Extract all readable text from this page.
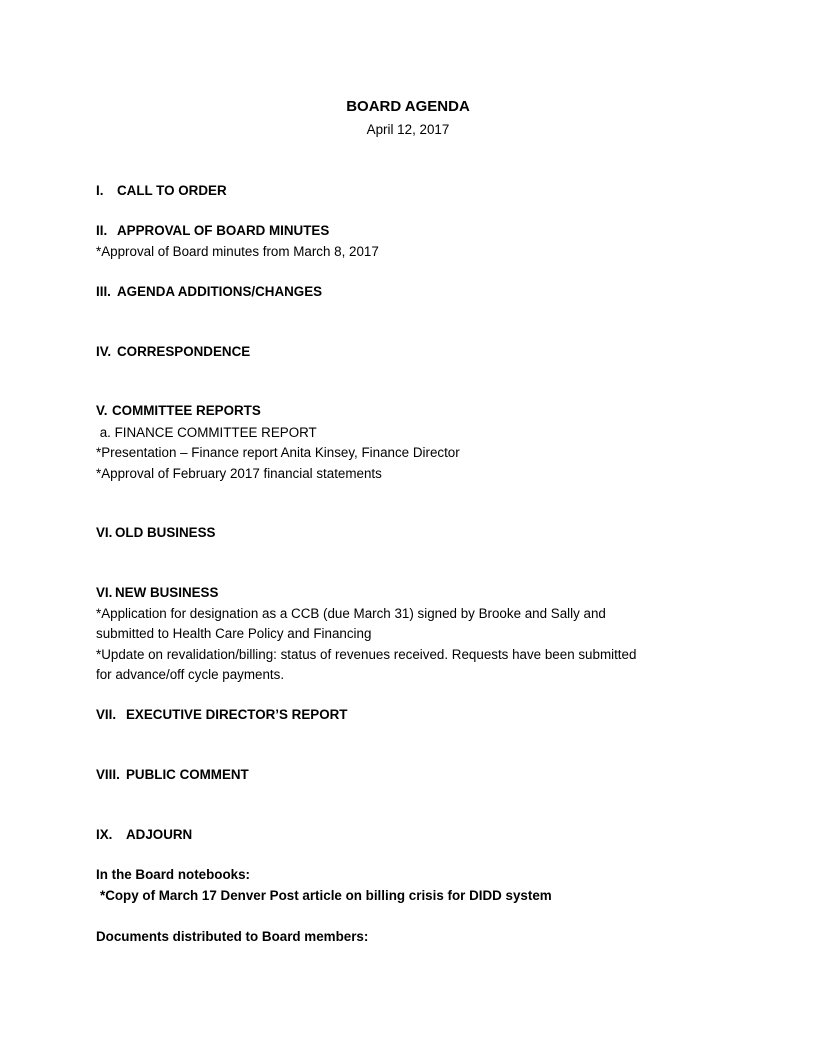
BOARD AGENDA
April 12, 2017
I. CALL TO ORDER
II. APPROVAL OF BOARD MINUTES
*Approval of Board minutes from March 8, 2017
III. AGENDA ADDITIONS/CHANGES
IV. CORRESPONDENCE
V. COMMITTEE REPORTS
a. FINANCE COMMITTEE REPORT
*Presentation – Finance report Anita Kinsey, Finance Director
*Approval of February 2017 financial statements
VI. OLD BUSINESS
VI. NEW BUSINESS
*Application for designation as a CCB (due March 31) signed by Brooke and Sally and
submitted to Health Care Policy and Financing
*Update on revalidation/billing: status of revenues received. Requests have been submitted
for advance/off cycle payments.
VII. EXECUTIVE DIRECTOR’S REPORT
VIII. PUBLIC COMMENT
IX. ADJOURN
In the Board notebooks:
*Copy of March 17 Denver Post article on billing crisis for DIDD system
Documents distributed to Board members:
